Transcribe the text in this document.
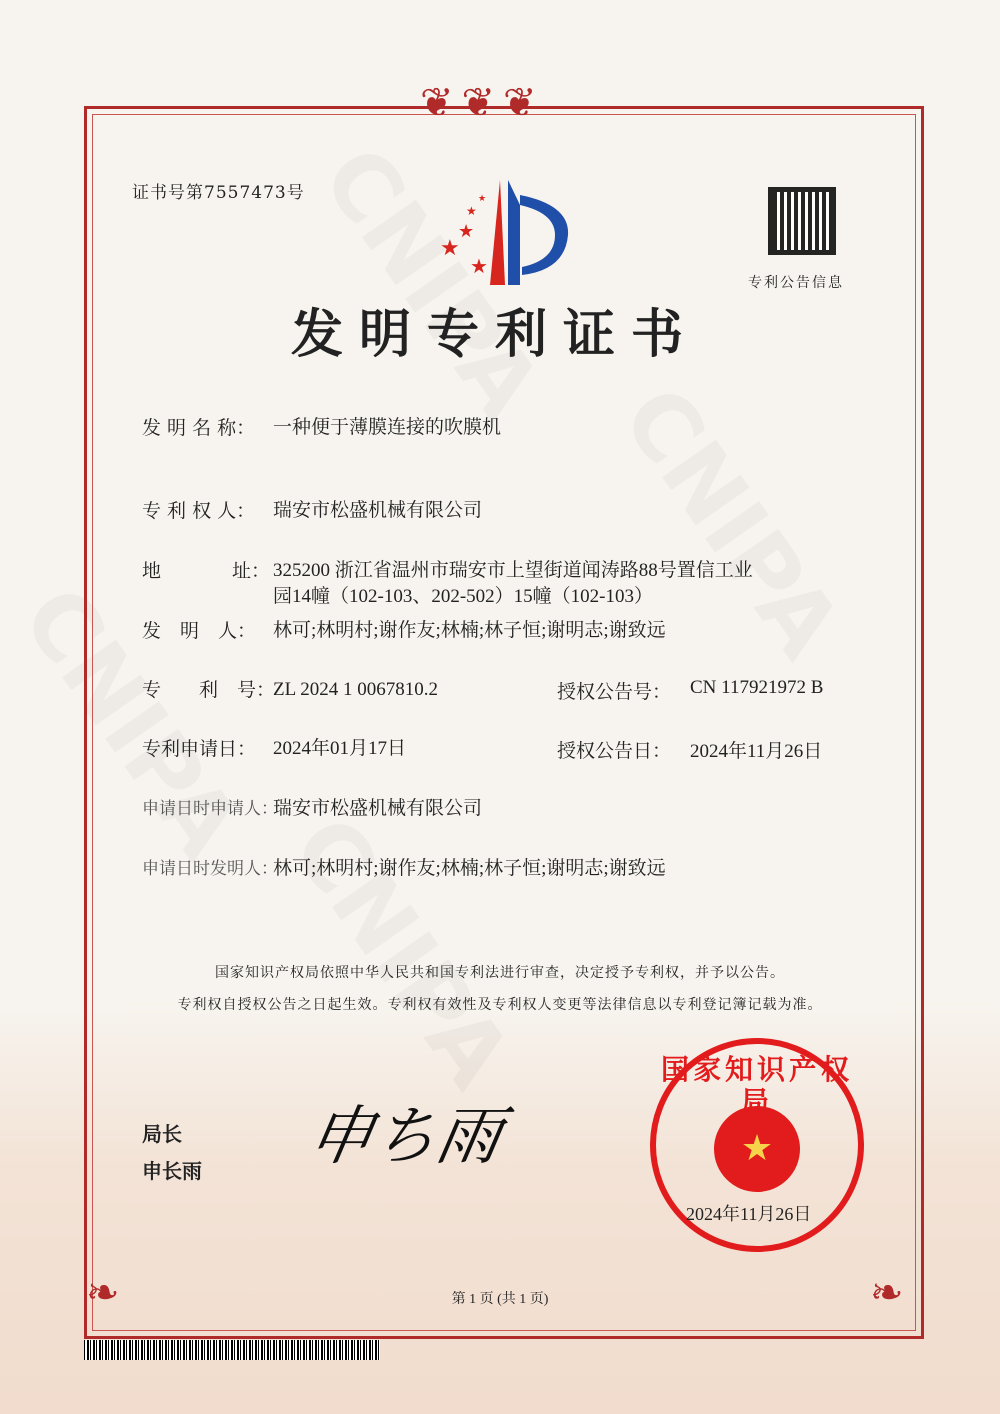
❦❦❦
❧	❧
证书号第7557473号
★
★
★
★
★
专利公告信息
发明专利证书
发 明 名 称： 一种便于薄膜连接的吹膜机
专 利 权 人： 瑞安市松盛机械有限公司
地	址： 325200 浙江省温州市瑞安市上望街道闻涛路88号置信工业
园14幢（102-103、202-502）15幢（102-103）
发　明　人： 林可;林明村;谢作友;林楠;林子恒;谢明志;谢致远
专　　利　号：
ZL 2024 1 0067810.2	授权公告号： CN 117921972 B
专利申请日： 2024年01月17日	授权公告日： 2024年11月26日
申请日时申请人：
瑞安市松盛机械有限公司
申请日时发明人：
林可;林明村;谢作友;林楠;林子恒;谢明志;谢致远
国家知识产权局依照中华人民共和国专利法进行审查，决定授予专利权，并予以公告。
专利权自授权公告之日起生效。专利权有效性及专利权人变更等法律信息以专利登记簿记载为准。
局长
申长雨 申ち雨	★
国家知识产权局
2024年11月26日
第 1 页 (共 1 页)
